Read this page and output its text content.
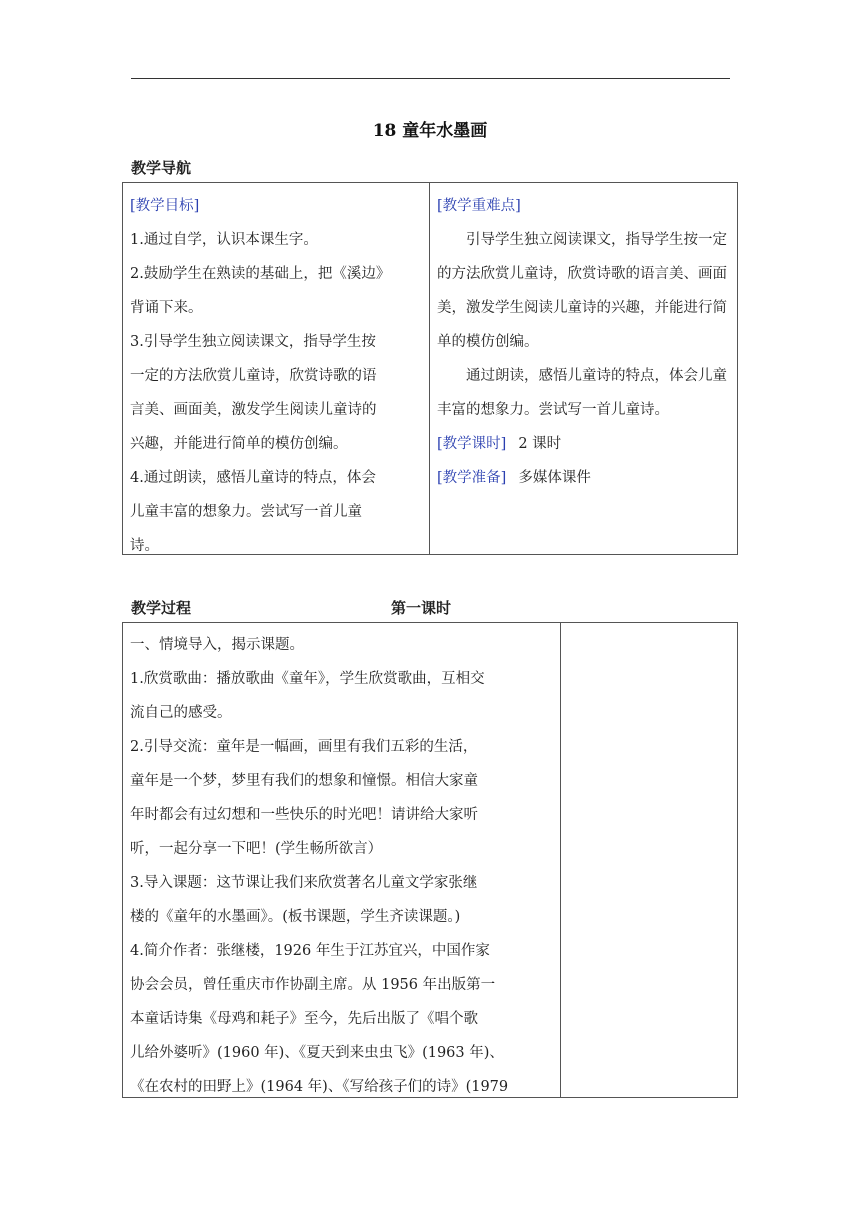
18 童年水墨画
教学导航
[教学目标]
1.通过自学，认识本课生字。
2.鼓励学生在熟读的基础上，把《溪边》
背诵下来。
3.引导学生独立阅读课文，指导学生按
一定的方法欣赏儿童诗，欣赏诗歌的语
言美、画面美，激发学生阅读儿童诗的
兴趣，并能进行简单的模仿创编。
4.通过朗读，感悟儿童诗的特点，体会
儿童丰富的想象力。尝试写一首儿童
诗。
[教学重难点]
引导学生独立阅读课文，指导学生按一定的方法欣赏儿童诗，欣赏诗歌的语言美、画面美，激发学生阅读儿童诗的兴趣，并能进行简单的模仿创编。
通过朗读，感悟儿童诗的特点，体会儿童丰富的想象力。尝试写一首儿童诗。
[教学课时] 2 课时
[教学准备] 多媒体课件
教学过程	第一课时
一、情境导入，揭示课题。
1.欣赏歌曲：播放歌曲《童年》，学生欣赏歌曲，互相交
流自己的感受。
2.引导交流：童年是一幅画，画里有我们五彩的生活，
童年是一个梦，梦里有我们的想象和憧憬。相信大家童
年时都会有过幻想和一些快乐的时光吧！请讲给大家听
听，一起分享一下吧！(学生畅所欲言）
3.导入课题：这节课让我们来欣赏著名儿童文学家张继
楼的《童年的水墨画》。(板书课题，学生齐读课题。)
4.简介作者：张继楼，1926 年生于江苏宜兴，中国作家
协会会员，曾任重庆市作协副主席。从 1956 年出版第一
本童话诗集《母鸡和耗子》至今，先后出版了《唱个歌
儿给外婆听》(1960 年)、《夏天到来虫虫飞》(1963 年)、
《在农村的田野上》(1964 年)、《写给孩子们的诗》(1979
